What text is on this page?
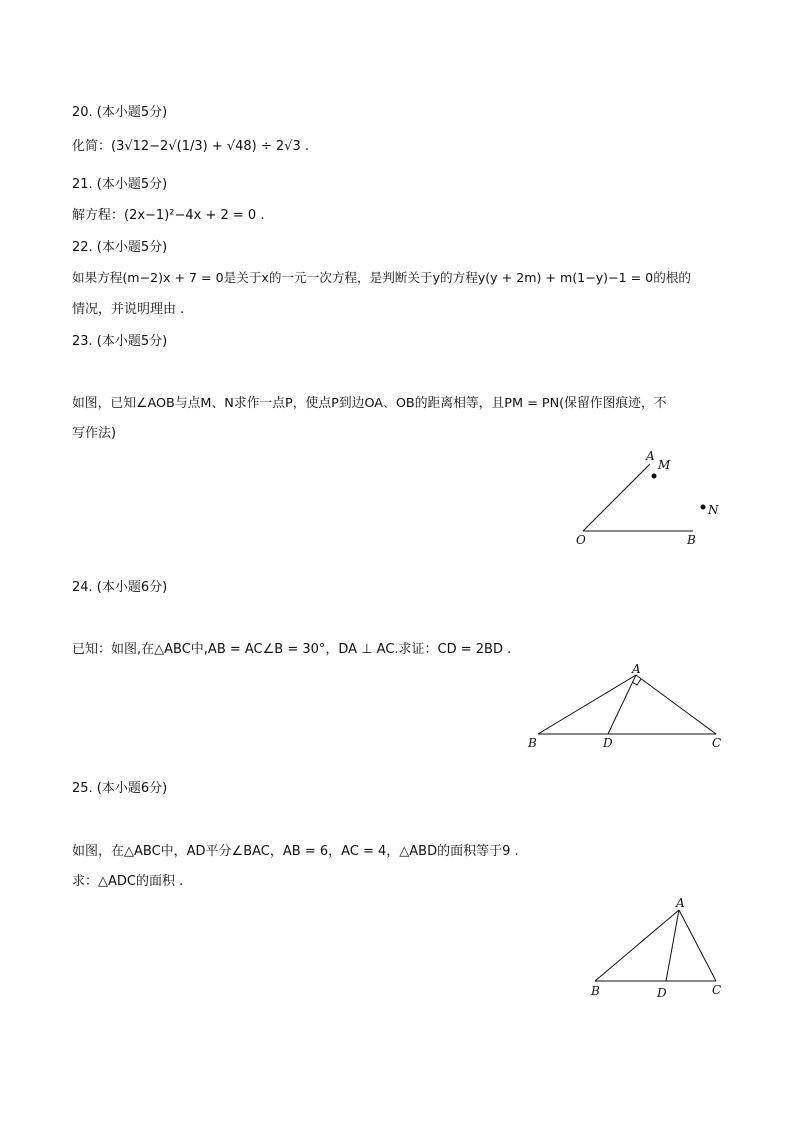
20. (本小题5分)
化简：(3√12−2√(1/3) + √48) ÷ 2√3 .
21. (本小题5分)
解方程：(2x−1)²−4x + 2 = 0 .
22. (本小题5分)
如果方程(m−2)x + 7 = 0是关于x的一元一次方程，是判断关于y的方程y(y + 2m) + m(1−y)−1 = 0的根的
情况，并说明理由 .
23. (本小题5分)
如图，已知∠AOB与点M、N求作一点P，使点P到边OA、OB的距离相等，且PM = PN(保留作图痕迹，不
写作法)
A
M
N
O	B
24. (本小题6分)
已知：如图,在△ABC中,AB = AC∠B = 30°，DA ⊥ AC.求证：CD = 2BD .
A
B	D	C
25. (本小题6分)
如图，在△ABC中，AD平分∠BAC，AB = 6，AC = 4，△ABD的面积等于9 .
求：△ADC的面积 .
A
B	D	C
